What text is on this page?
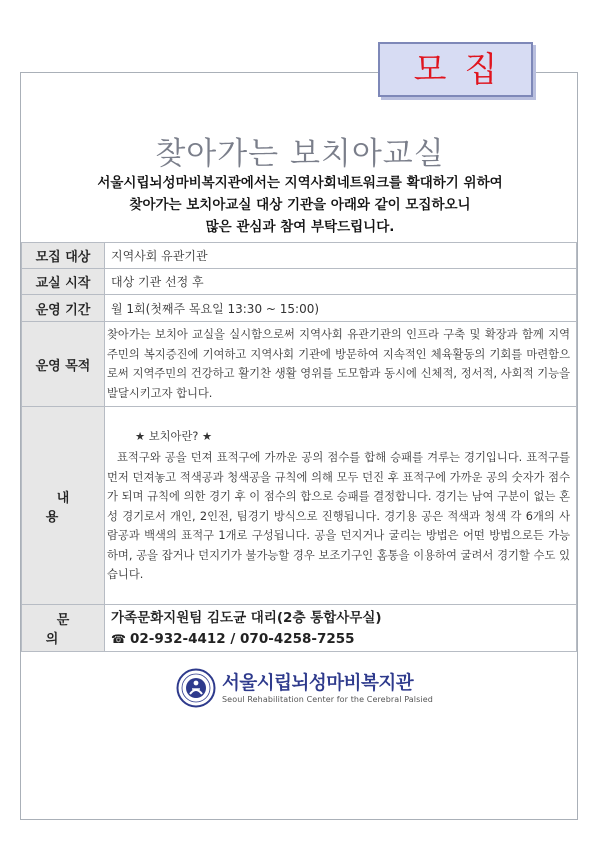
모집
찾아가는 보치아교실
서울시립뇌성마비복지관에서는 지역사회네트워크를 확대하기 위하여
찾아가는 보치아교실 대상 기관을 아래와 같이 모집하오니
많은 관심과 참여 부탁드립니다.
모집 대상	지역사회 유관기관
교실 시작	대상 기관 선정 후
운영 기간	월 1회(첫째주 목요일 13:30 ~ 15:00)
운영 목적	찾아가는 보치아 교실을 실시함으로써 지역사회 유관기관의 인프라 구축 및 확장과 함께 지역 주민의 복지증진에 기여하고 지역사회 기관에 방문하여 지속적인 체육활동의 기회를 마련함으로써 지역주민의 건강하고 활기찬 생활 영위를 도모함과 동시에 신체적, 정서적, 사회적 기능을 발달시키고자 합니다.

내용	★ 보치아란? ★
표적구와 공을 던져 표적구에 가까운 공의 점수를 합해 승패를 겨루는 경기입니다. 표적구를 먼저 던져놓고 적색공과 청색공을 규칙에 의해 모두 던진 후 표적구에 가까운 공의 숫자가 점수가 되며 규칙에 의한 경기 후 이 점수의 합으로 승패를 결정합니다. 경기는 남여 구분이 없는 혼성 경기로서 개인, 2인전, 팀경기 방식으로 진행됩니다. 경기용 공은 적색과 청색 각 6개의 사람공과 백색의 표적구 1개로 구성됩니다. 공을 던지거나 굴리는 방법은 어떤 방법으로든 가능하며, 공을 잡거나 던지기가 불가능할 경우 보조기구인 홈통을 이용하여 굴려서 경기할 수도 있습니다.

문의	가족문화지원팀 김도균 대리(2층 통합사무실)
☎ 02-932-4412 / 070-4258-7255
서울시립뇌성마비복지관
Seoul Rehabilitation Center for the Cerebral Palsied
